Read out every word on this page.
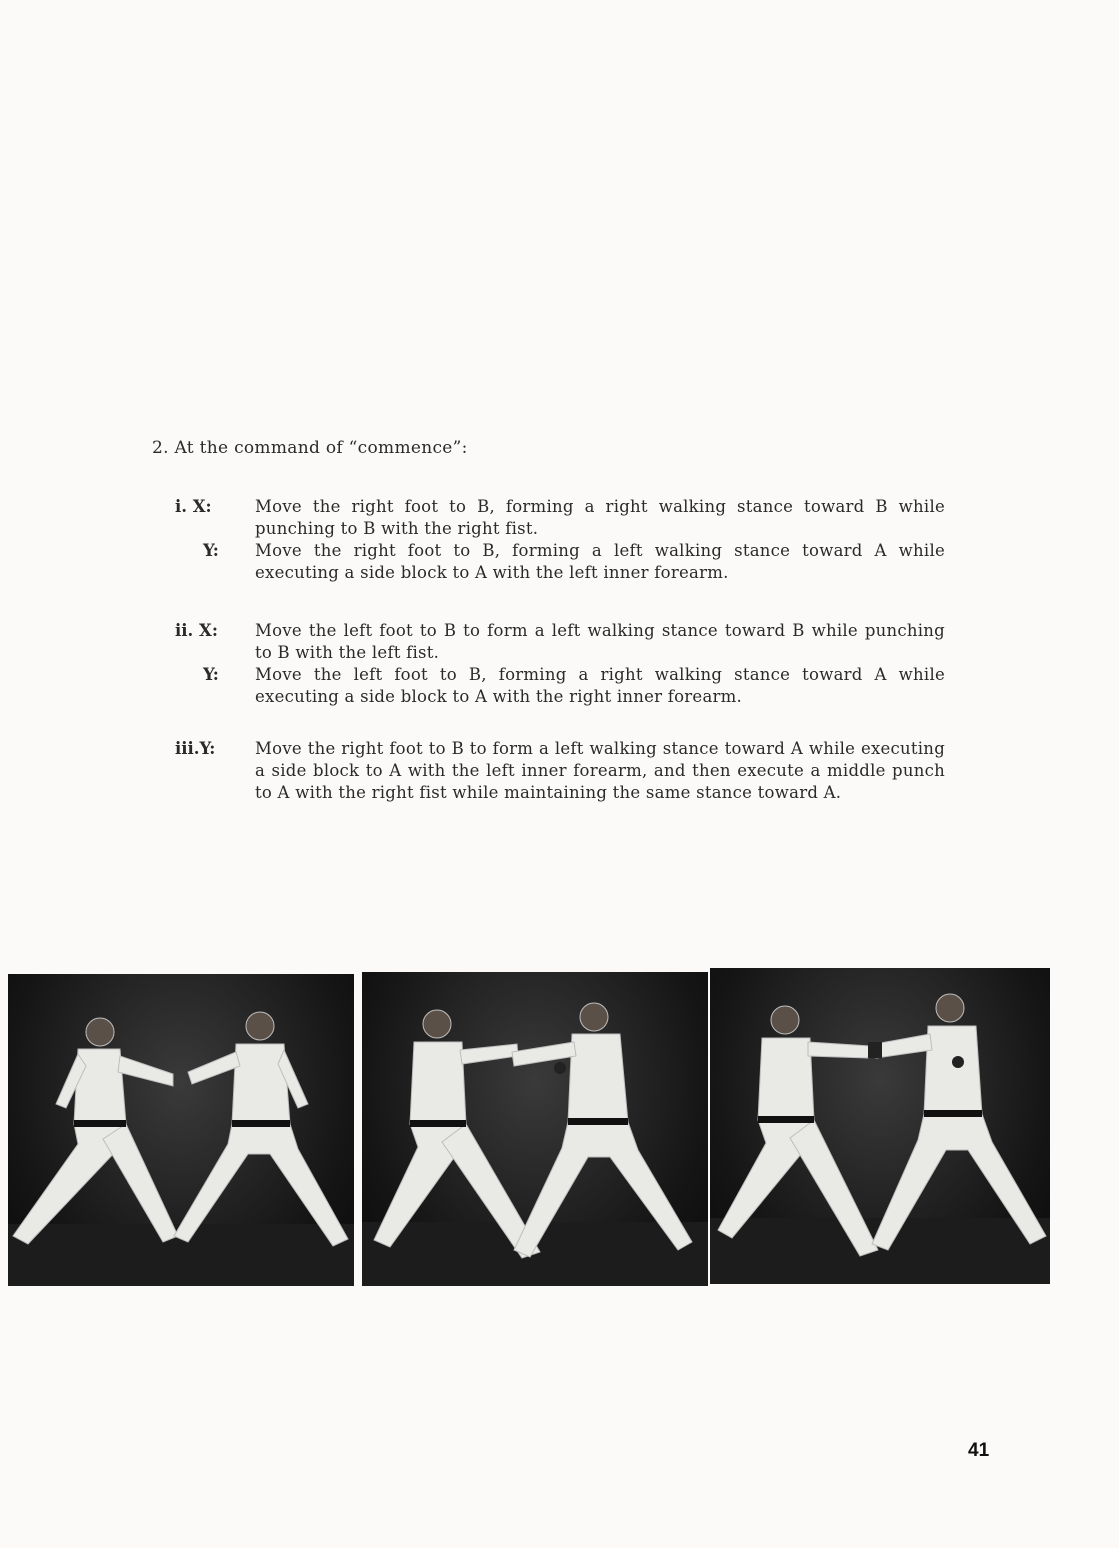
2. At the command of “commence”:
i. X:	Move the right foot to B, forming a right walking stance toward B while punching to B with the right fist.
Y:	Move the right foot to B, forming a left walking stance toward A while executing a side block to A with the left inner forearm.
ii. X:	Move the left foot to B to form a left walking stance toward B while punching to B with the left fist.
Y:	Move the left foot to B, forming a right walking stance toward A while executing a side block to A with the right inner forearm.
iii.Y:	Move the right foot to B to form a left walking stance toward A while executing a side block to A with the left inner forearm, and then execute a middle punch to A with the right fist while maintaining the same stance toward A.
41
